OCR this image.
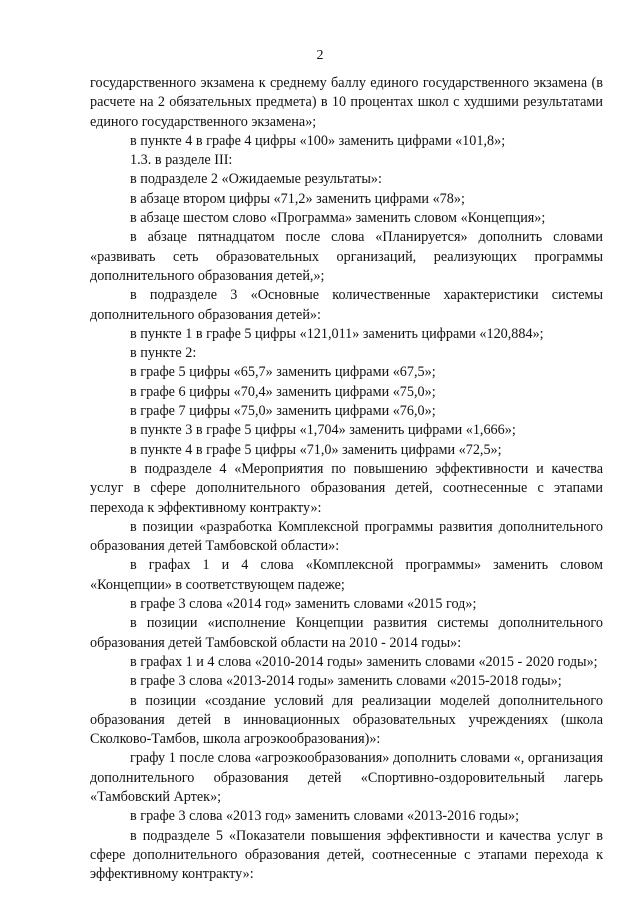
2

государственного экзамена к среднему баллу единого государственного экзамена (в расчете на 2 обязательных предмета) в 10 процентах школ с худшими результатами единого государственного экзамена»;

в пункте 4 в графе 4 цифры «100» заменить цифрами «101,8»;

1.3. в разделе III:

в подразделе 2 «Ожидаемые результаты»:

в абзаце втором цифры «71,2» заменить цифрами «78»;

в абзаце шестом слово «Программа» заменить словом «Концепция»;

в абзаце пятнадцатом после слова «Планируется» дополнить словами «развивать сеть образовательных организаций, реализующих программы дополнительного образования детей,»;

в подразделе 3 «Основные количественные характеристики системы дополнительного образования детей»:

в пункте 1 в графе 5 цифры «121,011» заменить цифрами «120,884»;

в пункте 2:

в графе 5 цифры «65,7» заменить цифрами «67,5»;

в графе 6 цифры «70,4» заменить цифрами «75,0»;

в графе 7 цифры «75,0» заменить цифрами «76,0»;

в пункте 3 в графе 5 цифры «1,704» заменить цифрами «1,666»;

в пункте 4 в графе 5 цифры «71,0» заменить цифрами «72,5»;

в подразделе 4 «Мероприятия по повышению эффективности и качества услуг в сфере дополнительного образования детей, соотнесенные с этапами перехода к эффективному контракту»:

в позиции «разработка Комплексной программы развития дополнительного образования детей Тамбовской области»:

в графах 1 и 4 слова «Комплексной программы» заменить словом «Концепции» в соответствующем падеже;

в графе 3 слова «2014 год» заменить словами «2015 год»;

в позиции «исполнение Концепции развития системы дополнительного образования детей Тамбовской области на 2010 - 2014 годы»:

в графах 1 и 4 слова «2010-2014 годы» заменить словами «2015 - 2020 годы»;

в графе 3 слова «2013-2014 годы» заменить словами «2015-2018 годы»;

в позиции «создание условий для реализации моделей дополнительного образования детей в инновационных образовательных учреждениях (школа Сколково-Тамбов, школа агроэкообразования)»:

графу 1 после слова «агроэкообразования» дополнить словами «, организация дополнительного образования детей «Спортивно-оздоровительный лагерь «Тамбовский Артек»;

в графе 3 слова «2013 год» заменить словами «2013-2016 годы»;

в подразделе 5 «Показатели повышения эффективности и качества услуг в сфере дополнительного образования детей, соотнесенные с этапами перехода к эффективному контракту»:
